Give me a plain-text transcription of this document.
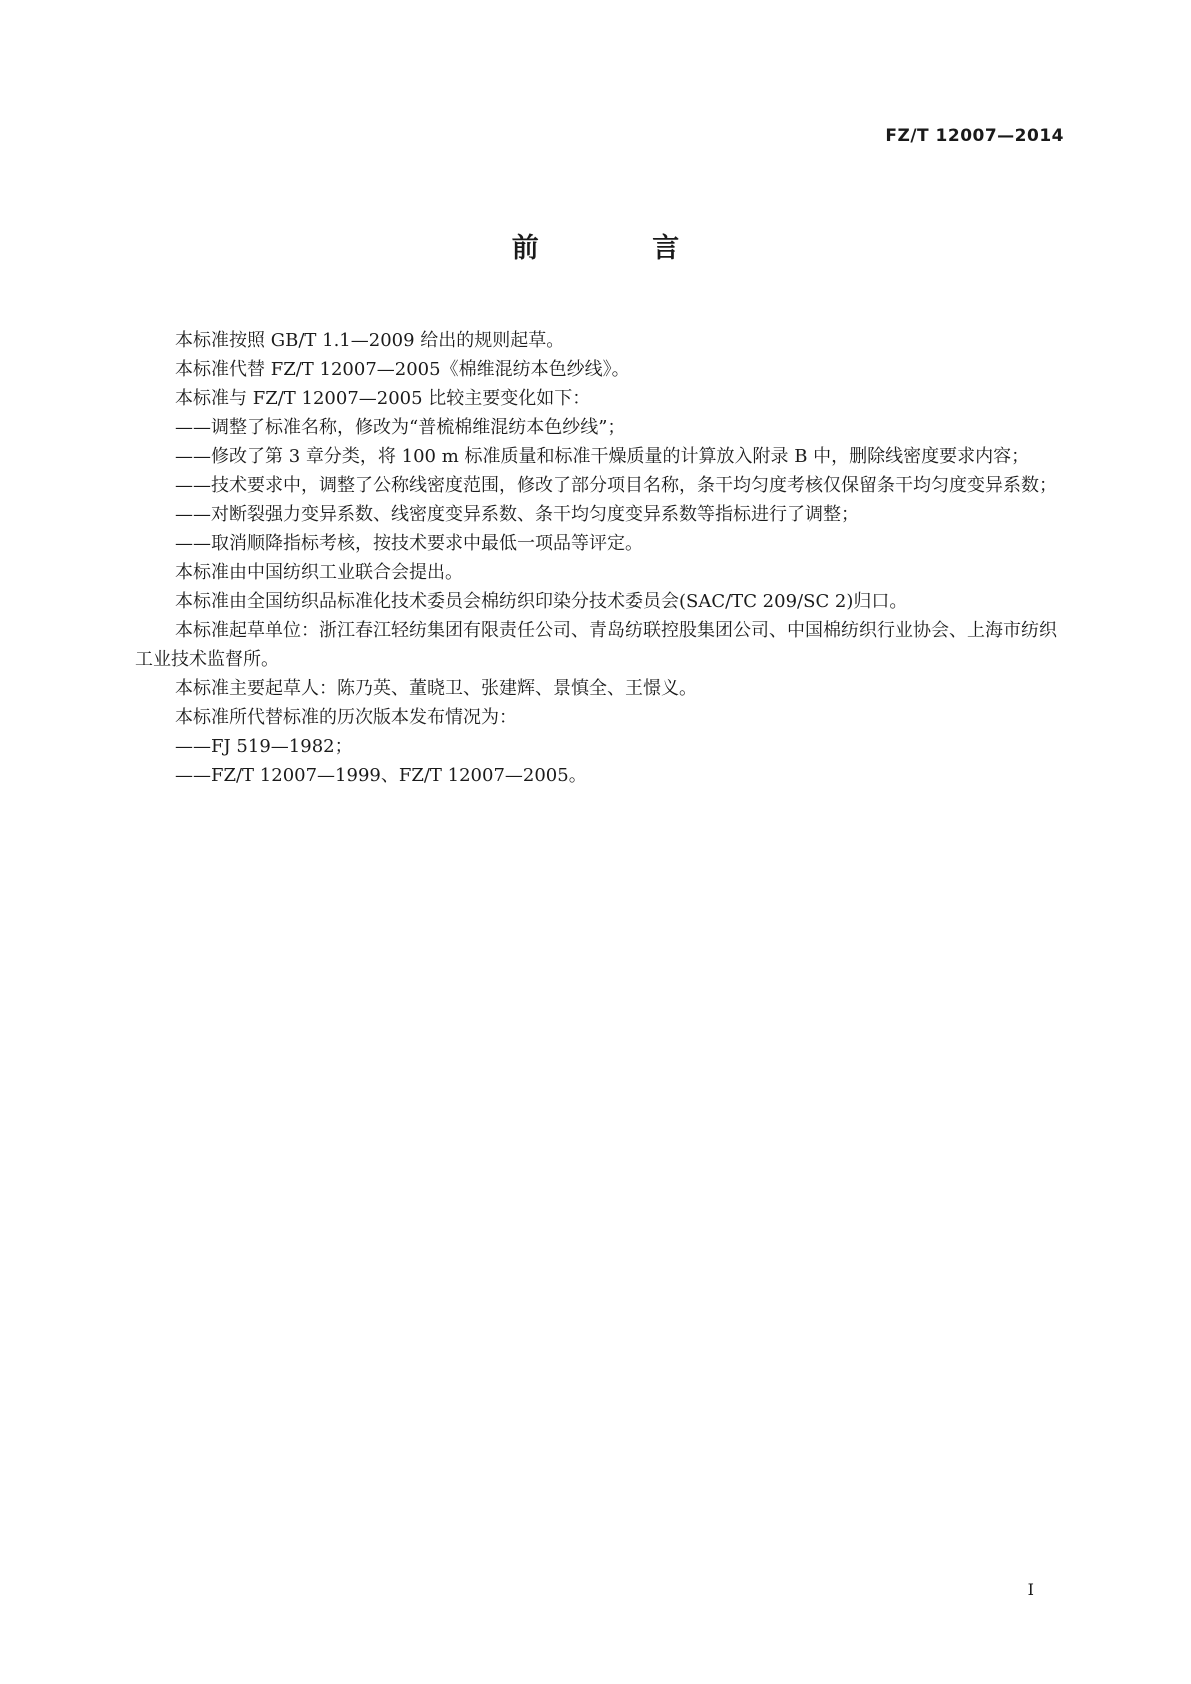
FZ/T 12007—2014
前 言

本标准按照 GB/T 1.1—2009 给出的规则起草。

本标准代替 FZ/T 12007—2005《棉维混纺本色纱线》。

本标准与 FZ/T 12007—2005 比较主要变化如下：

——调整了标准名称，修改为“普梳棉维混纺本色纱线”；

——修改了第 3 章分类，将 100 m 标准质量和标准干燥质量的计算放入附录 B 中，删除线密度要求内容；

——技术要求中，调整了公称线密度范围，修改了部分项目名称，条干均匀度考核仅保留条干均匀度变异系数；

——对断裂强力变异系数、线密度变异系数、条干均匀度变异系数等指标进行了调整；

——取消顺降指标考核，按技术要求中最低一项品等评定。

本标准由中国纺织工业联合会提出。

本标准由全国纺织品标准化技术委员会棉纺织印染分技术委员会(SAC/TC 209/SC 2)归口。

本标准起草单位：浙江春江轻纺集团有限责任公司、青岛纺联控股集团公司、中国棉纺织行业协会、上海市纺织工业技术监督所。

本标准主要起草人：陈乃英、董晓卫、张建辉、景慎全、王憬义。

本标准所代替标准的历次版本发布情况为：

——FJ 519—1982；

——FZ/T 12007—1999、FZ/T 12007—2005。

I
